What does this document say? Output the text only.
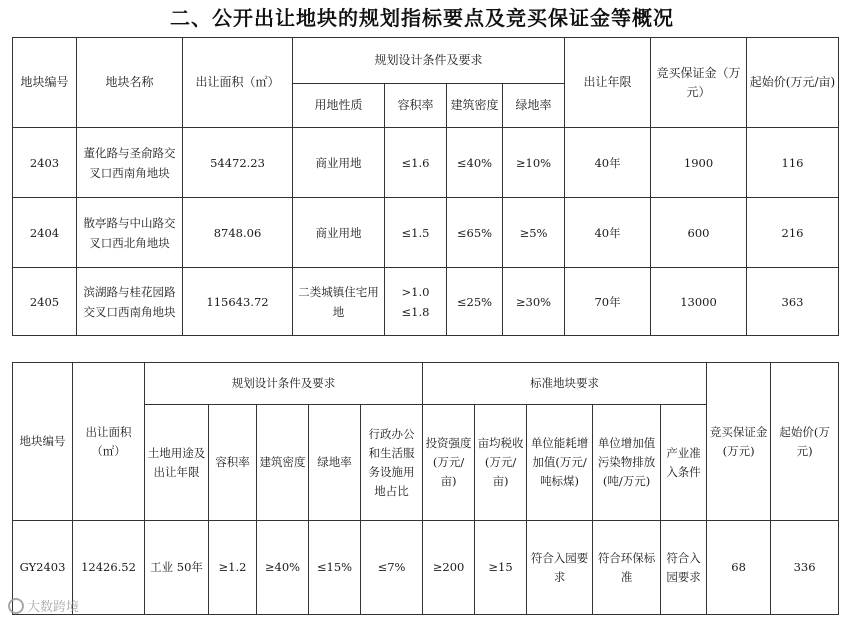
二、公开出让地块的规划指标要点及竞买保证金等概况
地块编号	地块名称	出让面积（㎡）	规划设计条件及要求				出让年限	竞买保证金（万元）	起始价(万元/亩)
			用地性质	容积率	建筑密度	绿地率			
2403	董化路与圣俞路交叉口西南角地块	54472.23	商业用地	≤1.6	≤40%	≥10%	40年	1900	116
2404	散亭路与中山路交叉口西北角地块	8748.06	商业用地	≤1.5	≤65%	≥5%	40年	600	216
2405	滨湖路与桂花园路交叉口西南角地块	115643.72	二类城镇住宅用地	>1.0 ≤1.8	≤25%	≥30%	70年	13000	363
地块编号	出让面积（㎡）	规划设计条件及要求					标准地块要求					竞买保证金(万元)	起始价(万元)
		土地用途及出让年限	容积率	建筑密度	绿地率	行政办公和生活服务设施用地占比	投资强度(万元/亩)	亩均税收(万元/亩)	单位能耗增加值(万元/吨标煤)	单位增加值污染物排放(吨/万元)	产业准入条件		
GY2403	12426.52	工业 50年	≥1.2	≥40%	≤15%	≤7%	≥200	≥15	符合入园要求	符合环保标准	符合入园要求	68	336
大数跨境
